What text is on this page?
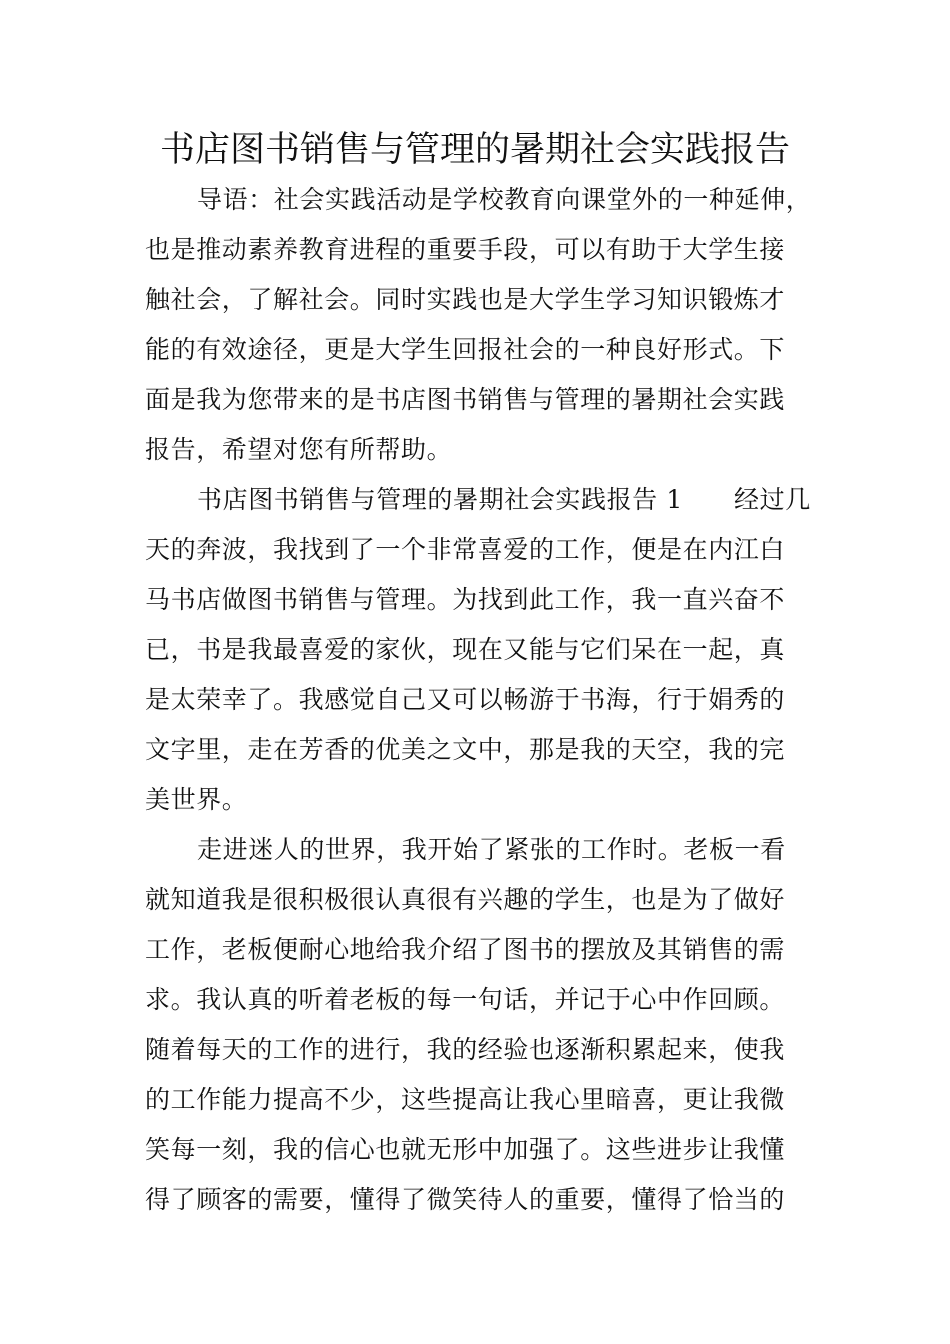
书店图书销售与管理的暑期社会实践报告

导语：社会实践活动是学校教育向课堂外的一种延伸，

也是推动素养教育进程的重要手段，可以有助于大学生接

触社会，了解社会。同时实践也是大学生学习知识锻炼才

能的有效途径，更是大学生回报社会的一种良好形式。下

面是我为您带来的是书店图书销售与管理的暑期社会实践

报告，希望对您有所帮助。

书店图书销售与管理的暑期社会实践报告 1　　经过几

天的奔波，我找到了一个非常喜爱的工作，便是在内江白

马书店做图书销售与管理。为找到此工作，我一直兴奋不

已，书是我最喜爱的家伙，现在又能与它们呆在一起，真

是太荣幸了。我感觉自己又可以畅游于书海，行于娟秀的

文字里，走在芳香的优美之文中，那是我的天空，我的完

美世界。

走进迷人的世界，我开始了紧张的工作时。老板一看

就知道我是很积极很认真很有兴趣的学生，也是为了做好

工作，老板便耐心地给我介绍了图书的摆放及其销售的需

求。我认真的听着老板的每一句话，并记于心中作回顾。

随着每天的工作的进行，我的经验也逐渐积累起来，使我

的工作能力提高不少，这些提高让我心里暗喜，更让我微

笑每一刻，我的信心也就无形中加强了。这些进步让我懂

得了顾客的需要，懂得了微笑待人的重要，懂得了恰当的
